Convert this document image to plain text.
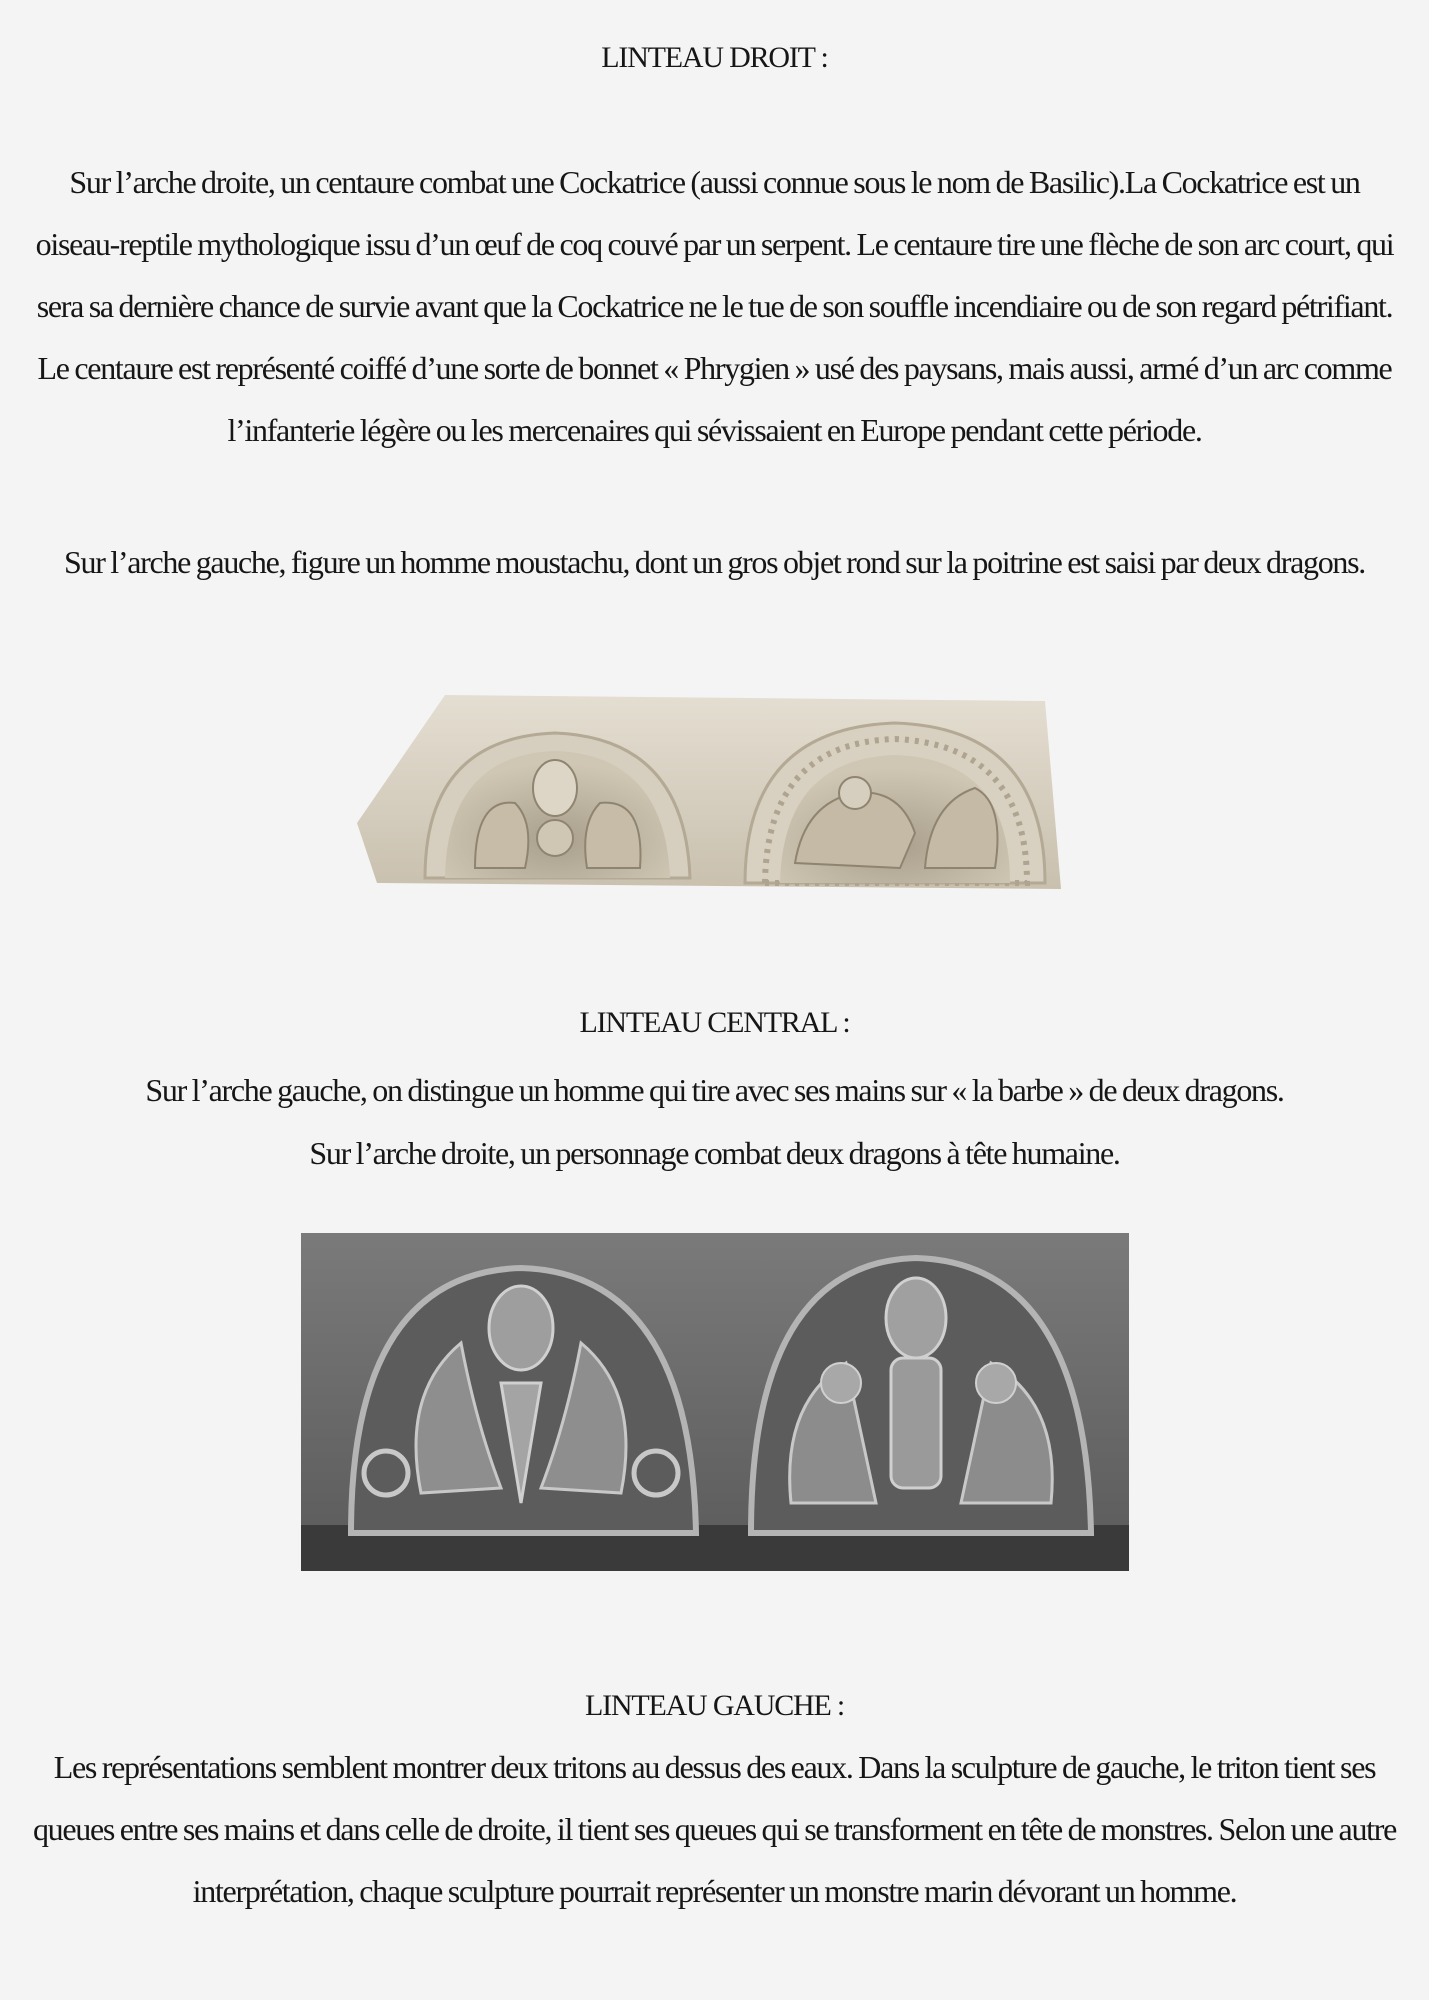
LINTEAU DROIT :

Sur l’arche droite, un centaure combat une Cockatrice (aussi connue sous le nom de Basilic).La Cockatrice est un oiseau-reptile mythologique issu d’un œuf de coq couvé par un serpent. Le centaure tire une flèche de son arc court, qui sera sa dernière chance de survie avant que la Cockatrice ne le tue de son souffle incendiaire ou de son regard pétrifiant. Le centaure est représenté coiffé d’une sorte de bonnet « Phrygien » usé des paysans, mais aussi, armé d’un arc comme l’infanterie légère ou les mercenaires qui sévissaient en Europe pendant cette période.

Sur l’arche gauche, figure un homme moustachu, dont un gros objet rond sur la poitrine est saisi par deux dragons.

LINTEAU CENTRAL :

Sur l’arche gauche, on distingue un homme qui tire avec ses mains sur « la barbe » de deux dragons.

Sur l’arche droite, un personnage combat deux dragons à tête humaine.

LINTEAU GAUCHE :

Les représentations semblent montrer deux tritons au dessus des eaux. Dans la sculpture de gauche, le triton tient ses queues entre ses mains et dans celle de droite, il tient ses queues qui se transforment en tête de monstres. Selon une autre interprétation, chaque sculpture pourrait représenter un monstre marin dévorant un homme.
